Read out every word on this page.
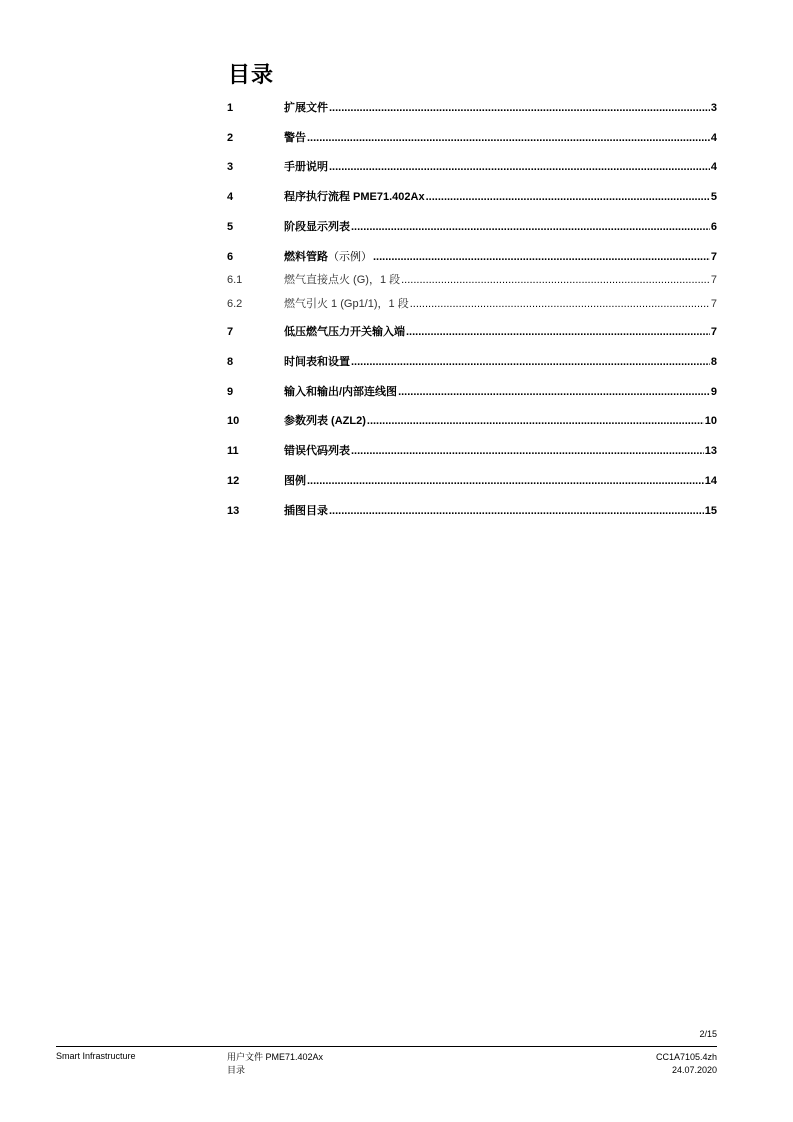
目录
1	扩展文件 .....	3
2	警告 .....	4
3	手册说明 .....	4
4	程序执行流程 PME71.402Ax .....	5
5	阶段显示列表 .....	6
6	燃料管路（示例） .....	7
6.1	燃气直接点火 (G)，1 段 .....	7
6.2	燃气引火 1 (Gp1/1)，1 段 .....	7
7	低压燃气压力开关输入端 .....	7
8	时间表和设置 .....	8
9	输入和输出/内部连线图 .....	9
10	参数列表 (AZL2) .....	10
11	错误代码列表 .....	13
12	图例 .....	14
13	插图目录 .....	15
2/15
Smart Infrastructure	用户文件 PME71.402Ax
目录
CC1A7105.4zh
24.07.2020
